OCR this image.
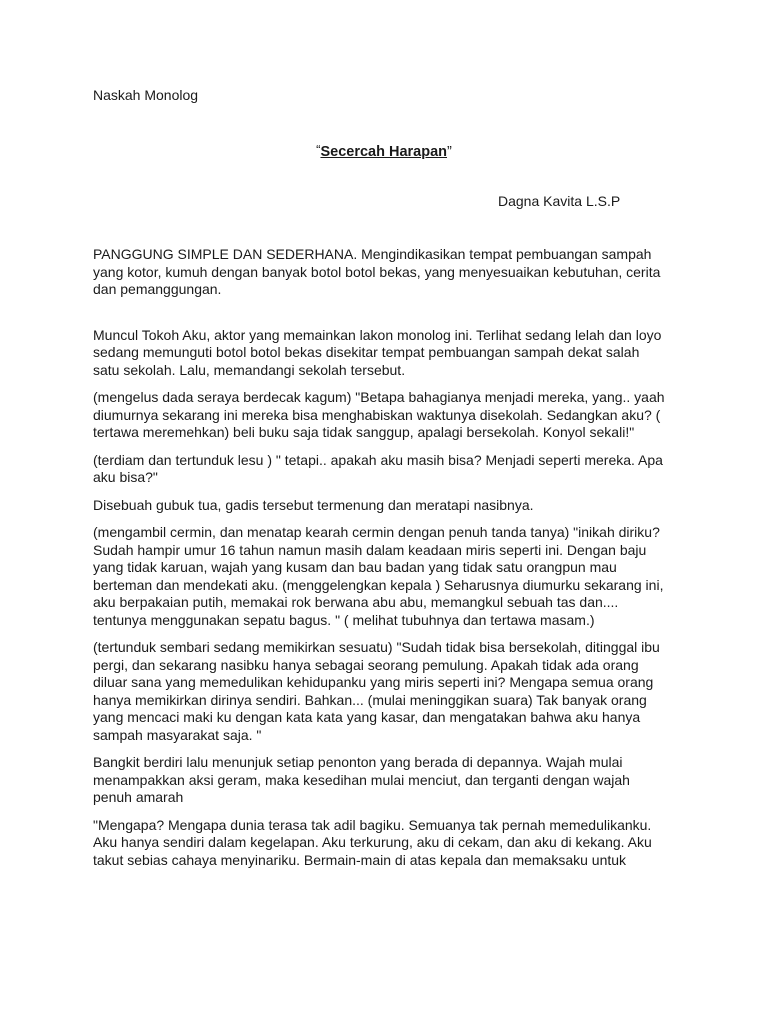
Naskah Monolog

“Secercah Harapan”

Dagna Kavita L.S.P

PANGGUNG SIMPLE DAN SEDERHANA. Mengindikasikan tempat pembuangan sampah
yang kotor, kumuh dengan banyak botol botol bekas, yang menyesuaikan kebutuhan, cerita
dan pemanggungan.

Muncul Tokoh Aku, aktor yang memainkan lakon monolog ini. Terlihat sedang lelah dan loyo
sedang memunguti botol botol bekas disekitar tempat pembuangan sampah dekat salah
satu sekolah. Lalu, memandangi sekolah tersebut.

(mengelus dada seraya berdecak kagum) "Betapa bahagianya menjadi mereka, yang.. yaah
diumurnya sekarang ini mereka bisa menghabiskan waktunya disekolah. Sedangkan aku? (
tertawa meremehkan) beli buku saja tidak sanggup, apalagi bersekolah. Konyol sekali!"

(terdiam dan tertunduk lesu ) " tetapi.. apakah aku masih bisa? Menjadi seperti mereka. Apa
aku bisa?"

Disebuah gubuk tua, gadis tersebut termenung dan meratapi nasibnya.

(mengambil cermin, dan menatap kearah cermin dengan penuh tanda tanya) "inikah diriku?
Sudah hampir umur 16 tahun namun masih dalam keadaan miris seperti ini. Dengan baju
yang tidak karuan, wajah yang kusam dan bau badan yang tidak satu orangpun mau
berteman dan mendekati aku. (menggelengkan kepala ) Seharusnya diumurku sekarang ini,
aku berpakaian putih, memakai rok berwana abu abu, memangkul sebuah tas dan....
tentunya menggunakan sepatu bagus. " ( melihat tubuhnya dan tertawa masam.)

(tertunduk sembari sedang memikirkan sesuatu) "Sudah tidak bisa bersekolah, ditinggal ibu
pergi, dan sekarang nasibku hanya sebagai seorang pemulung. Apakah tidak ada orang
diluar sana yang memedulikan kehidupanku yang miris seperti ini? Mengapa semua orang
hanya memikirkan dirinya sendiri. Bahkan... (mulai meninggikan suara) Tak banyak orang
yang mencaci maki ku dengan kata kata yang kasar, dan mengatakan bahwa aku hanya
sampah masyarakat saja. "

Bangkit berdiri lalu menunjuk setiap penonton yang berada di depannya. Wajah mulai
menampakkan aksi geram, maka kesedihan mulai menciut, dan terganti dengan wajah
penuh amarah

"Mengapa? Mengapa dunia terasa tak adil bagiku. Semuanya tak pernah memedulikanku.
Aku hanya sendiri dalam kegelapan. Aku terkurung, aku di cekam, dan aku di kekang. Aku
takut sebias cahaya menyinariku. Bermain-main di atas kepala dan memaksaku untuk
